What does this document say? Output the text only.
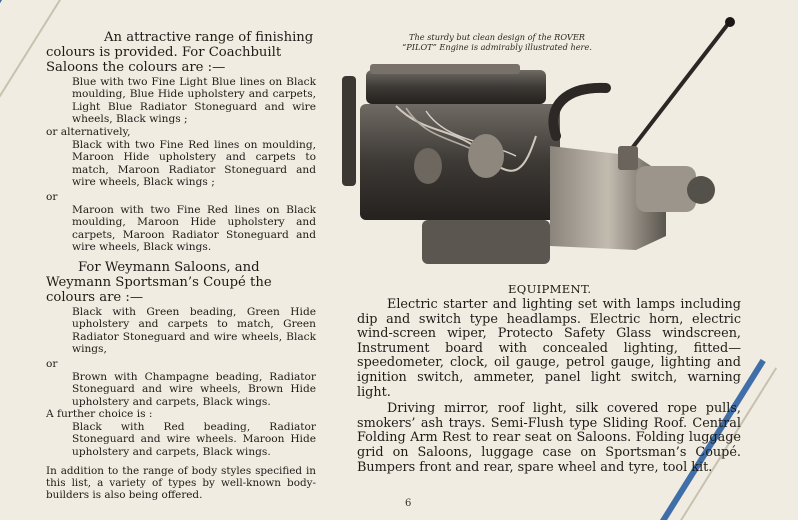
An attractive range of finishing colours is provided. For Coachbuilt Saloons the colours are :—

Blue with two Fine Light Blue lines on Black moulding, Blue Hide upholstery and carpets, Light Blue Radiator Stoneguard and wire wheels, Black wings ;

or alternatively,

Black with two Fine Red lines on moulding, Maroon Hide upholstery and carpets to match, Maroon Radiator Stoneguard and wire wheels, Black wings ;

or

Maroon with two Fine Red lines on Black moulding, Maroon Hide upholstery and carpets, Maroon Radiator Stoneguard and wire wheels, Black wings.

For Weymann Saloons, and Weymann Sportsman’s Coupé the colours are :—

Black with Green beading, Green Hide upholstery and carpets to match, Green Radiator Stoneguard and wire wheels, Black wings,

or

Brown with Champagne beading, Radiator Stoneguard and wire wheels, Brown Hide upholstery and carpets, Black wings.

A further choice is :

Black with Red beading, Radiator Stoneguard and wire wheels. Maroon Hide upholstery and carpets, Black wings.

In addition to the range of body styles specified in this list, a variety of types by well-known body-builders is also being offered.

The sturdy but clean design of the ROVER “PILOT” Engine is admirably illustrated here.
EQUIPMENT.

Electric starter and lighting set with lamps including dip and switch type headlamps. Electric horn, electric wind-screen wiper, Protecto Safety Glass windscreen, Instrument board with concealed lighting, fitted—speedometer, clock, oil gauge, petrol gauge, lighting and ignition switch, ammeter, panel light switch, warning light.

Driving mirror, roof light, silk covered rope pulls, smokers’ ash trays. Semi-Flush type Sliding Roof. Central Folding Arm Rest to rear seat on Saloons. Folding luggage grid on Saloons, luggage case on Sportsman’s Coupé. Bumpers front and rear, spare wheel and tyre, tool kit.

6
